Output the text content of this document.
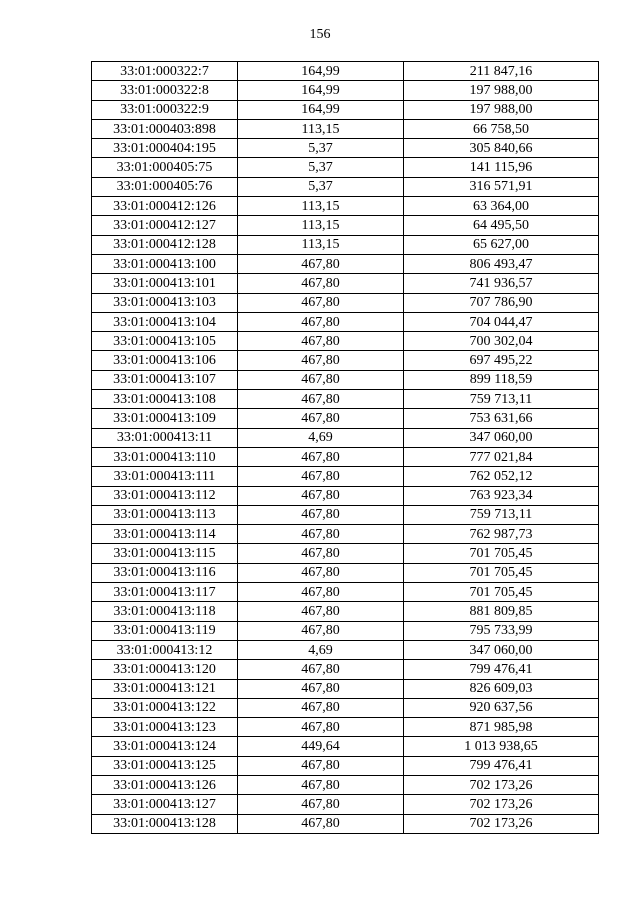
156
33:01:000322:7	164,99	211 847,16
33:01:000322:8	164,99	197 988,00
33:01:000322:9	164,99	197 988,00
33:01:000403:898	113,15	66 758,50
33:01:000404:195	5,37	305 840,66
33:01:000405:75	5,37	141 115,96
33:01:000405:76	5,37	316 571,91
33:01:000412:126	113,15	63 364,00
33:01:000412:127	113,15	64 495,50
33:01:000412:128	113,15	65 627,00
33:01:000413:100	467,80	806 493,47
33:01:000413:101	467,80	741 936,57
33:01:000413:103	467,80	707 786,90
33:01:000413:104	467,80	704 044,47
33:01:000413:105	467,80	700 302,04
33:01:000413:106	467,80	697 495,22
33:01:000413:107	467,80	899 118,59
33:01:000413:108	467,80	759 713,11
33:01:000413:109	467,80	753 631,66
33:01:000413:11	4,69	347 060,00
33:01:000413:110	467,80	777 021,84
33:01:000413:111	467,80	762 052,12
33:01:000413:112	467,80	763 923,34
33:01:000413:113	467,80	759 713,11
33:01:000413:114	467,80	762 987,73
33:01:000413:115	467,80	701 705,45
33:01:000413:116	467,80	701 705,45
33:01:000413:117	467,80	701 705,45
33:01:000413:118	467,80	881 809,85
33:01:000413:119	467,80	795 733,99
33:01:000413:12	4,69	347 060,00
33:01:000413:120	467,80	799 476,41
33:01:000413:121	467,80	826 609,03
33:01:000413:122	467,80	920 637,56
33:01:000413:123	467,80	871 985,98
33:01:000413:124	449,64	1 013 938,65
33:01:000413:125	467,80	799 476,41
33:01:000413:126	467,80	702 173,26
33:01:000413:127	467,80	702 173,26
33:01:000413:128	467,80	702 173,26
